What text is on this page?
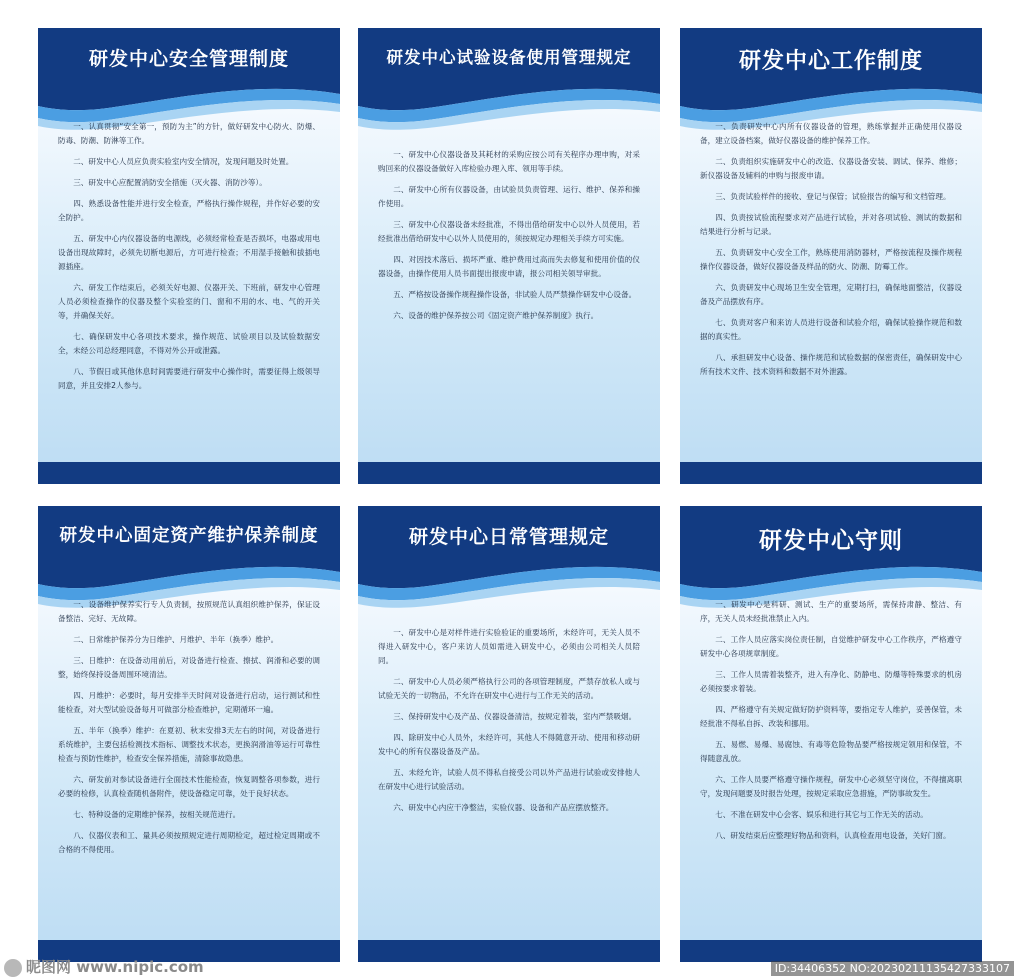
研发中心安全管理制度

一、认真贯彻“安全第一，预防为主”的方针，做好研发中心防火、防爆、防毒、防潮、防淋等工作。

二、研发中心人员应负责实验室内安全情况，发现问题及时处置。

三、研发中心应配置消防安全措施（灭火器、消防沙等）。

四、熟悉设备性能并进行安全检查，严格执行操作规程，并作好必要的安全防护。

五、研发中心内仪器设备的电源线，必须经常检查是否损坏，电器或用电设备出现故障时，必须先切断电源后，方可进行检查；不用湿手接触和拔插电源插座。

六、研发工作结束后，必须关好电源、仪器开关、下班前，研发中心管理人员必须检查操作的仪器及整个实验室的门、窗和不用的水、电、气的开关等，并确保关好。

七、确保研发中心各项技术要求，操作规范、试验项目以及试验数据安全，未经公司总经理同意，不得对外公开或泄露。

八、节假日或其他休息时间需要进行研发中心操作时，需要征得上级领导同意，并且安排2人参与。

研发中心试验设备使用管理规定

一、研发中心仪器设备及其耗材的采购应按公司有关程序办理申购，对采购回来的仪器设备做好入库检验办理入库、领用等手续。

二、研发中心所有仪器设备，由试验员负责管理、运行、维护、保养和操作使用。

三、研发中心仪器设备未经批准，不得出借给研发中心以外人员使用，若经批准出借给研发中心以外人员使用的，须按规定办理相关手续方可实施。

四、对因技术落后、损坏严重、维护费用过高而失去修复和使用价值的仪器设备，由操作使用人员书面提出报废申请，报公司相关领导审批。

五、严格按设备操作规程操作设备，非试验人员严禁操作研发中心设备。

六、设备的维护保养按公司《固定资产维护保养制度》执行。

研发中心工作制度

一、负责研发中心内所有仪器设备的管理，熟练掌握并正确使用仪器设备，建立设备档案，做好仪器设备的维护保养工作。

二、负责组织实施研发中心的改造、仪器设备安装、调试、保养、维修；新仪器设备及辅料的申购与报废申请。

三、负责试验样件的接收、登记与保管；试验报告的编写和文档管理。

四、负责按试验流程要求对产品进行试验，并对各项试验、测试的数据和结果进行分析与记录。

五、负责研发中心安全工作，熟练使用消防器材，严格按流程及操作规程操作仪器设备，做好仪器设备及样品的防火、防潮、防霉工作。

六、负责研发中心现场卫生安全管理，定期打扫，确保地面整洁，仪器设备及产品摆放有序。

七、负责对客户和来访人员进行设备和试验介绍，确保试验操作规范和数据的真实性。

八、承担研发中心设备、操作规范和试验数据的保密责任，确保研发中心所有技术文件、技术资料和数据不对外泄露。

研发中心固定资产维护保养制度

一、设备维护保养实行专人负责制，按照规范认真组织维护保养，保证设备整洁、完好、无故障。

二、日常维护保养分为日维护、月维护、半年（换季）维护。

三、日维护：在设备动用前后，对设备进行检查、擦拭、润滑和必要的调整，始终保持设备周围环境清洁。

四、月维护：必要时，每月安排半天时间对设备进行启动，运行测试和性能检查，对大型试验设备每月可做部分检查维护，定期循环一遍。

五、半年（换季）维护：在夏初、秋末安排3天左右的时间，对设备进行系统维护，主要包括检测技术指标、调整技术状态，更换润滑油等运行可靠性检查与预防性维护，检查安全保养措施，清除事故隐患。

六、研发前对参试设备进行全面技术性能检查，恢复调整各项参数，进行必要的检修，认真检查随机备附件，使设备稳定可靠，处于良好状态。

七、特种设备的定期维护保养，按相关规范进行。

八、仪器仪表和工、量具必须按照规定进行周期检定，超过检定周期或不合格的不得使用。

研发中心日常管理规定

一、研发中心是对样件进行实验验证的重要场所，未经许可，无关人员不得进入研发中心，客户来访人员如需进入研发中心，必须由公司相关人员陪同。

二、研发中心人员必须严格执行公司的各项管理制度，严禁存放私人或与试验无关的一切物品，不允许在研发中心进行与工作无关的活动。

三、保持研发中心及产品、仪器设备清洁，按规定着装，室内严禁吸烟。

四、除研发中心人员外，未经许可，其他人不得随意开动、使用和移动研发中心的所有仪器设备及产品。

五、未经允许，试验人员不得私自接受公司以外产品进行试验或安排他人在研发中心进行试验活动。

六、研发中心内应干净整洁，实验仪器、设备和产品应摆放整齐。

研发中心守则

一、研发中心是科研、测试、生产的重要场所，需保持肃静、整洁、有序，无关人员未经批准禁止入内。

二、工作人员应落实岗位责任制，自觉维护研发中心工作秩序，严格遵守研发中心各项规章制度。

三、工作人员需着装整齐，进入有净化、防静电、防爆等特殊要求的机房必须按要求着装。

四、严格遵守有关规定做好防护资料等，要指定专人维护，妥善保管，未经批准不得私自拆、改装和挪用。

五、易燃、易爆、易腐蚀、有毒等危险物品要严格按规定领用和保管，不得随意乱放。

六、工作人员要严格遵守操作规程，研发中心必须坚守岗位，不得擅离职守，发现问题要及时报告处理，按规定采取应急措施，严防事故发生。

七、不准在研发中心会客、娱乐和进行其它与工作无关的活动。

八、研发结束后应整理好物品和资料，认真检查用电设备，关好门窗。

昵图网 www.nipic.com	ID:34406352 NO:20230211135427333107
